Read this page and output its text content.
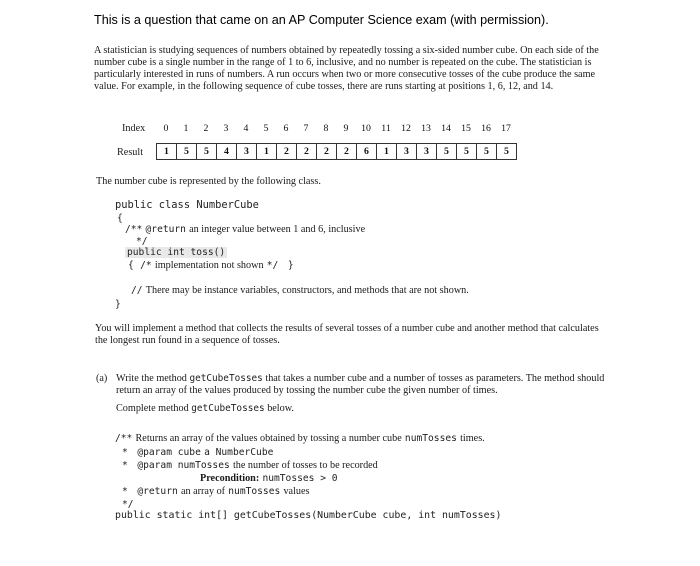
This is a question that came on an AP Computer Science exam (with permission).
A statistician is studying sequences of numbers obtained by repeatedly tossing a six-sided number cube. On each side of the number cube is a single number in the range of 1 to 6, inclusive, and no number is repeated on the cube. The statistician is particularly interested in runs of numbers. A run occurs when two or more consecutive tosses of the cube produce the same value. For example, in the following sequence of cube tosses, there are runs starting at positions 1, 6, 12, and 14.
Index	0	1	2	3	4	5	6	7	8	9	10	11	12	13	14	15	16	17
Result 1	5	5	4	3	1	2	2	2	2	6	1	3	3	5	5	5	5
The number cube is represented by the following class.
public class NumberCube
{
/** @return an integer value between 1 and 6, inclusive
*/
public int toss()
{ /* implementation not shown */ }
// There may be instance variables, constructors, and methods that are not shown.
}
You will implement a method that collects the results of several tosses of a number cube and another method that calculates the longest run found in a sequence of tosses.
(a) Write the method getCubeTosses that takes a number cube and a number of tosses as parameters. The method should return an array of the values produced by tossing the number cube the given number of times.
Complete method getCubeTosses below.
/** Returns an array of the values obtained by tossing a number cube numTosses times.
* @param cube a NumberCube
* @param numTosses the number of tosses to be recorded
Precondition: numTosses > 0
* @return an array of numTosses values
*/
public static int[] getCubeTosses(NumberCube cube, int numTosses)
